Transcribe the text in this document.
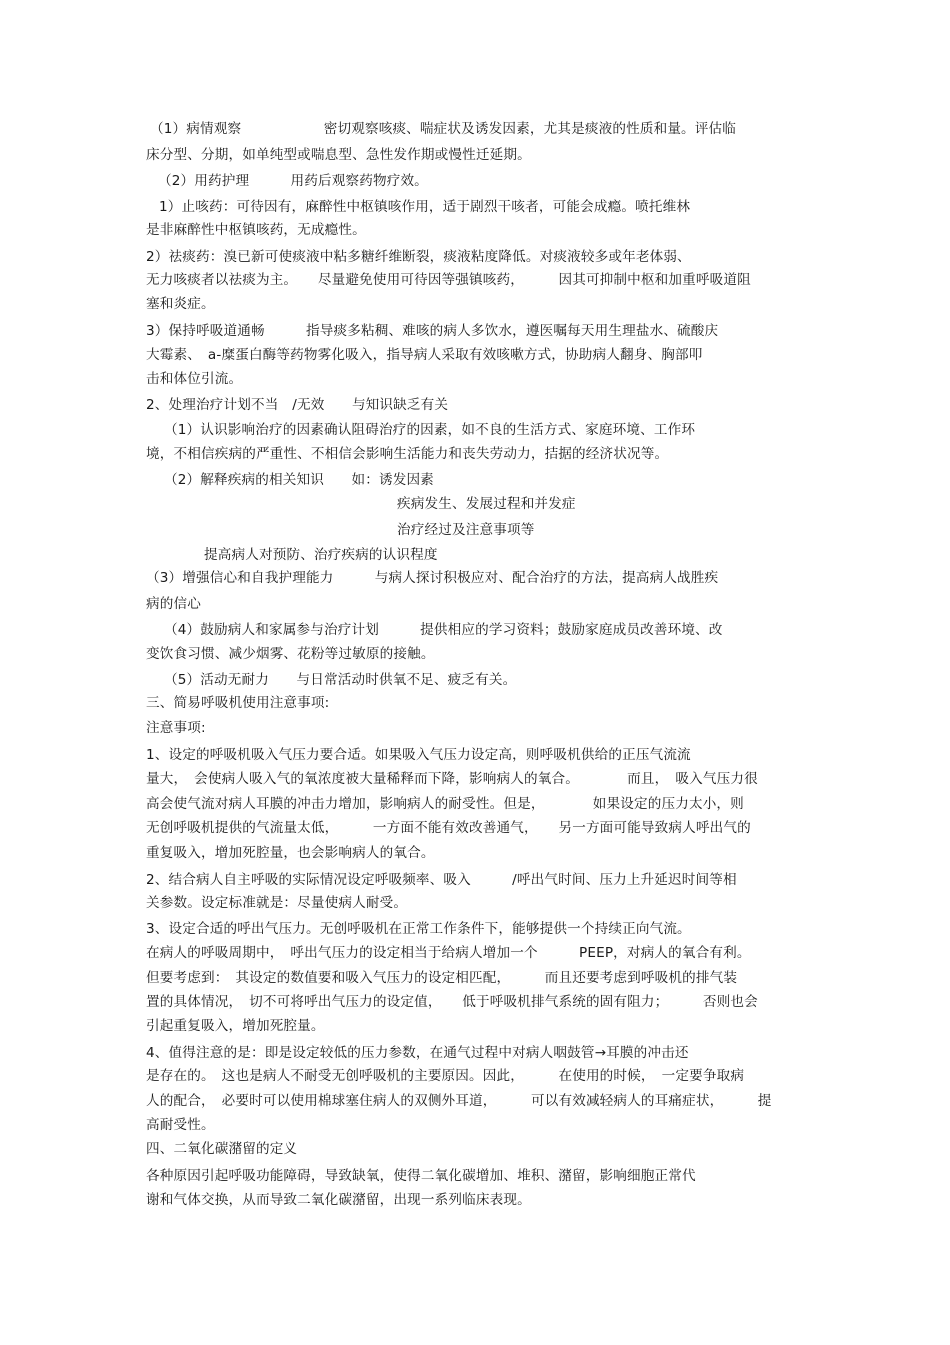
（1）病情观察　　　　　　密切观察咳痰、喘症状及诱发因素，尤其是痰液的性质和量。评估临
床分型、分期，如单纯型或喘息型、急性发作期或慢性迁延期。
（2）用药护理　　　用药后观察药物疗效。
1）止咳药：可待因有，麻醉性中枢镇咳作用，适于剧烈干咳者，可能会成瘾。喷托维林
是非麻醉性中枢镇咳药，无成瘾性。
2）祛痰药：溴已新可使痰液中粘多糖纤维断裂，痰液粘度降低。对痰液较多或年老体弱、
无力咳痰者以祛痰为主。　　尽量避免使用可待因等强镇咳药，　　　因其可抑制中枢和加重呼吸道阻
塞和炎症。
3）保持呼吸道通畅　　　指导痰多粘稠、难咳的病人多饮水，遵医嘱每天用生理盐水、硫酸庆
大霉素、　a-糜蛋白酶等药物雾化吸入，指导病人采取有效咳嗽方式，协助病人翻身、胸部叩
击和体位引流。
2、处理治疗计划不当　/无效　　与知识缺乏有关
（1）认识影响治疗的因素确认阻碍治疗的因素，如不良的生活方式、家庭环境、工作环
境，不相信疾病的严重性、不相信会影响生活能力和丧失劳动力，拮据的经济状况等。
（2）解释疾病的相关知识　　如：诱发因素
疾病发生、发展过程和并发症
治疗经过及注意事项等
提高病人对预防、治疗疾病的认识程度
（3）增强信心和自我护理能力　　　与病人探讨积极应对、配合治疗的方法，提高病人战胜疾
病的信心
（4）鼓励病人和家属参与治疗计划　　　提供相应的学习资料；鼓励家庭成员改善环境、改
变饮食习惯、减少烟雾、花粉等过敏原的接触。
（5）活动无耐力　　与日常活动时供氧不足、疲乏有关。
三、简易呼吸机使用注意事项:
注意事项:
1、设定的呼吸机吸入气压力要合适。如果吸入气压力设定高，则呼吸机供给的正压气流流
量大，　会使病人吸入气的氧浓度被大量稀释而下降，影响病人的氧合。　　　　而且，　吸入气压力很
高会使气流对病人耳膜的冲击力增加，影响病人的耐受性。但是，　　　　如果设定的压力太小，则
无创呼吸机提供的气流量太低，　　　一方面不能有效改善通气，　　另一方面可能导致病人呼出气的
重复吸入，增加死腔量，也会影响病人的氧合。
2、结合病人自主呼吸的实际情况设定呼吸频率、吸入　　　/呼出气时间、压力上升延迟时间等相
关参数。设定标准就是：尽量使病人耐受。
3、设定合适的呼出气压力。无创呼吸机在正常工作条件下，能够提供一个持续正向气流。
在病人的呼吸周期中，　呼出气压力的设定相当于给病人增加一个　　　PEEP，对病人的氧合有利。
但要考虑到：　其设定的数值要和吸入气压力的设定相匹配，　　　而且还要考虑到呼吸机的排气装
置的具体情况，　切不可将呼出气压力的设定值，　　低于呼吸机排气系统的固有阻力；　　　否则也会
引起重复吸入，增加死腔量。
4、值得注意的是：即是设定较低的压力参数，在通气过程中对病人咽鼓管→耳膜的冲击还
是存在的。　这也是病人不耐受无创呼吸机的主要原因。因此，　　　在使用的时候，　一定要争取病
人的配合，　必要时可以使用棉球塞住病人的双侧外耳道，　　　可以有效减轻病人的耳痛症状，　　　提
高耐受性。
四、二氧化碳潴留的定义
各种原因引起呼吸功能障碍，导致缺氧，使得二氧化碳增加、堆积、潴留，影响细胞正常代
谢和气体交换，从而导致二氧化碳潴留，出现一系列临床表现。
